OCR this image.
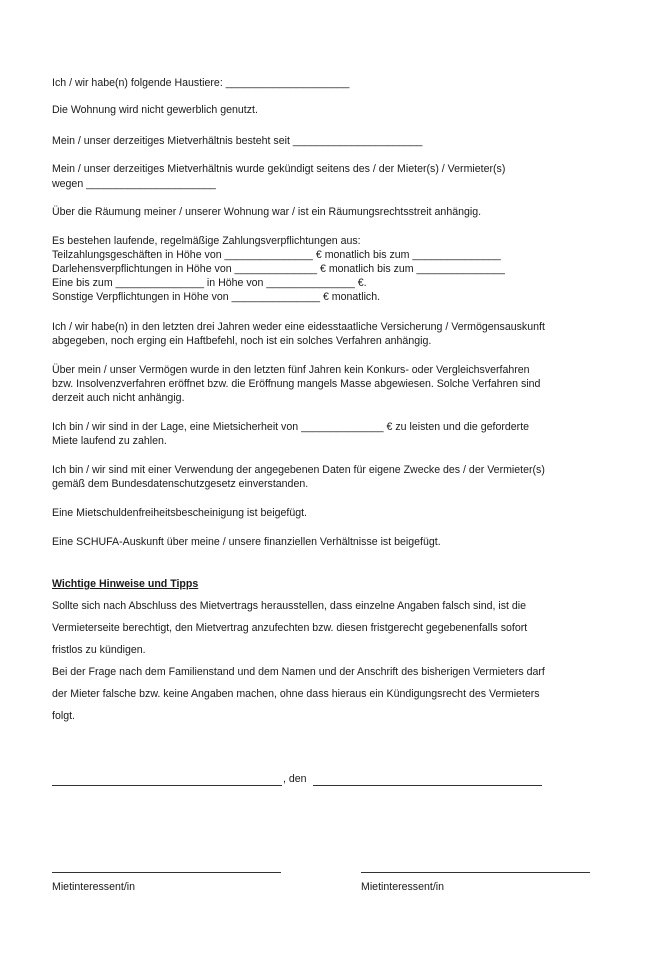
Ich / wir habe(n) folgende Haustiere: _____________________
Die Wohnung wird nicht gewerblich genutzt.
Mein / unser derzeitiges Mietverhältnis besteht seit ______________________
Mein / unser derzeitiges Mietverhältnis wurde gekündigt seitens des / der Mieter(s) / Vermieter(s)
wegen ______________________
Über die Räumung meiner / unserer Wohnung war / ist ein Räumungsrechtsstreit anhängig.
Es bestehen laufende, regelmäßige Zahlungsverpflichtungen aus:
Teilzahlungsgeschäften in Höhe von _______________ € monatlich bis zum _______________
Darlehensverpflichtungen in Höhe von ______________ € monatlich bis zum _______________
Eine bis zum _______________ in Höhe von _______________ €.
Sonstige Verpflichtungen in Höhe von _______________ € monatlich.
Ich / wir habe(n) in den letzten drei Jahren weder eine eidesstaatliche Versicherung / Vermögensauskunft
abgegeben, noch erging ein Haftbefehl, noch ist ein solches Verfahren anhängig.
Über mein / unser Vermögen wurde in den letzten fünf Jahren kein Konkurs- oder Vergleichsverfahren
bzw. Insolvenzverfahren eröffnet bzw. die Eröffnung mangels Masse abgewiesen. Solche Verfahren sind
derzeit auch nicht anhängig.
Ich bin / wir sind in der Lage, eine Mietsicherheit von ______________ € zu leisten und die geforderte
Miete laufend zu zahlen.
Ich bin / wir sind mit einer Verwendung der angegebenen Daten für eigene Zwecke des / der Vermieter(s)
gemäß dem Bundesdatenschutzgesetz einverstanden.
Eine Mietschuldenfreiheitsbescheinigung ist beigefügt.
Eine SCHUFA-Auskunft über meine / unsere finanziellen Verhältnisse ist beigefügt.
Wichtige Hinweise und Tipps
Sollte sich nach Abschluss des Mietvertrags herausstellen, dass einzelne Angaben falsch sind, ist die
Vermieterseite berechtigt, den Mietvertrag anzufechten bzw. diesen fristgerecht gegebenenfalls sofort
fristlos zu kündigen.
Bei der Frage nach dem Familienstand und dem Namen und der Anschrift des bisherigen Vermieters darf
der Mieter falsche bzw. keine Angaben machen, ohne dass hieraus ein Kündigungsrecht des Vermieters
folgt.
, den
Mietinteressent/in	Mietinteressent/in
